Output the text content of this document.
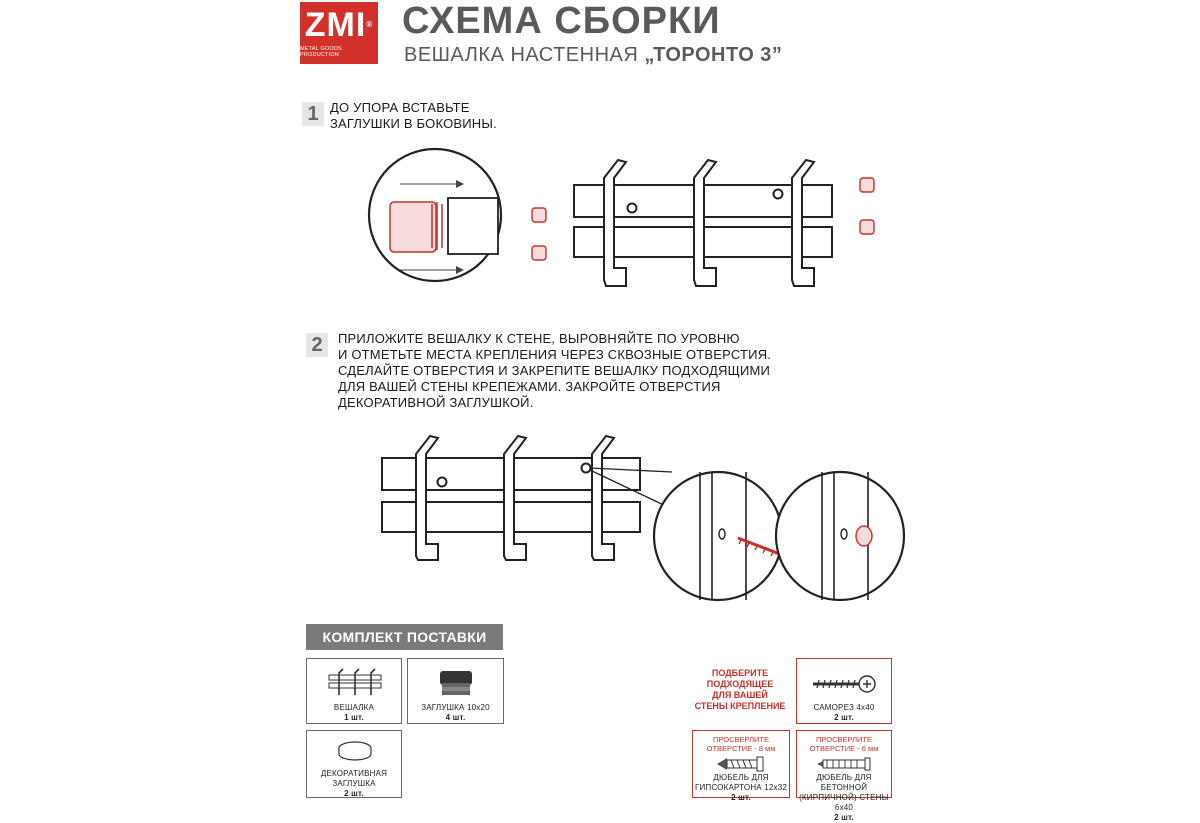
ZMI®
METAL GOODS PRODUCTION
СХЕМА СБОРКИ
ВЕШАЛКА НАСТЕННАЯ „ТОРОНТО 3”
1 ДО УПОРА ВСТАВЬТЕ
ЗАГЛУШКИ В БОКОВИНЫ.
2	ПРИЛОЖИТЕ ВЕШАЛКУ К СТЕНЕ, ВЫРОВНЯЙТЕ ПО УРОВНЮ
И ОТМЕТЬТЕ МЕСТА КРЕПЛЕНИЯ ЧЕРЕЗ СКВОЗНЫЕ ОТВЕРСТИЯ.
СДЕЛАЙТЕ ОТВЕРСТИЯ И ЗАКРЕПИТЕ ВЕШАЛКУ ПОДХОДЯЩИМИ
ДЛЯ ВАШЕЙ СТЕНЫ КРЕПЕЖАМИ. ЗАКРОЙТЕ ОТВЕРСТИЯ
ДЕКОРАТИВНОЙ ЗАГЛУШКОЙ.
КОМПЛЕКТ ПОСТАВКИ
ВЕШАЛКА
1 шт.
ЗАГЛУШКА 10х20
4 шт.
ДЕКОРАТИВНАЯ
ЗАГЛУШКА
2 шт.
ПОДБЕРИТЕ
ПОДХОДЯЩЕЕ
ДЛЯ ВАШЕЙ
СТЕНЫ КРЕПЛЕНИЕ	САМОРЕЗ 4х40
2 шт.
ПРОСВЕРЛИТЕ
ОТВЕРСТИЕ - 8 мм
ДЮБЕЛЬ ДЛЯ
ГИПСОКАРТОНА 12х32
2 шт.
ПРОСВЕРЛИТЕ
ОТВЕРСТИЕ - 6 мм
ДЮБЕЛЬ ДЛЯ БЕТОННОЙ
(КИРПИЧНОЙ) СТЕНЫ 6х40
2 шт.
